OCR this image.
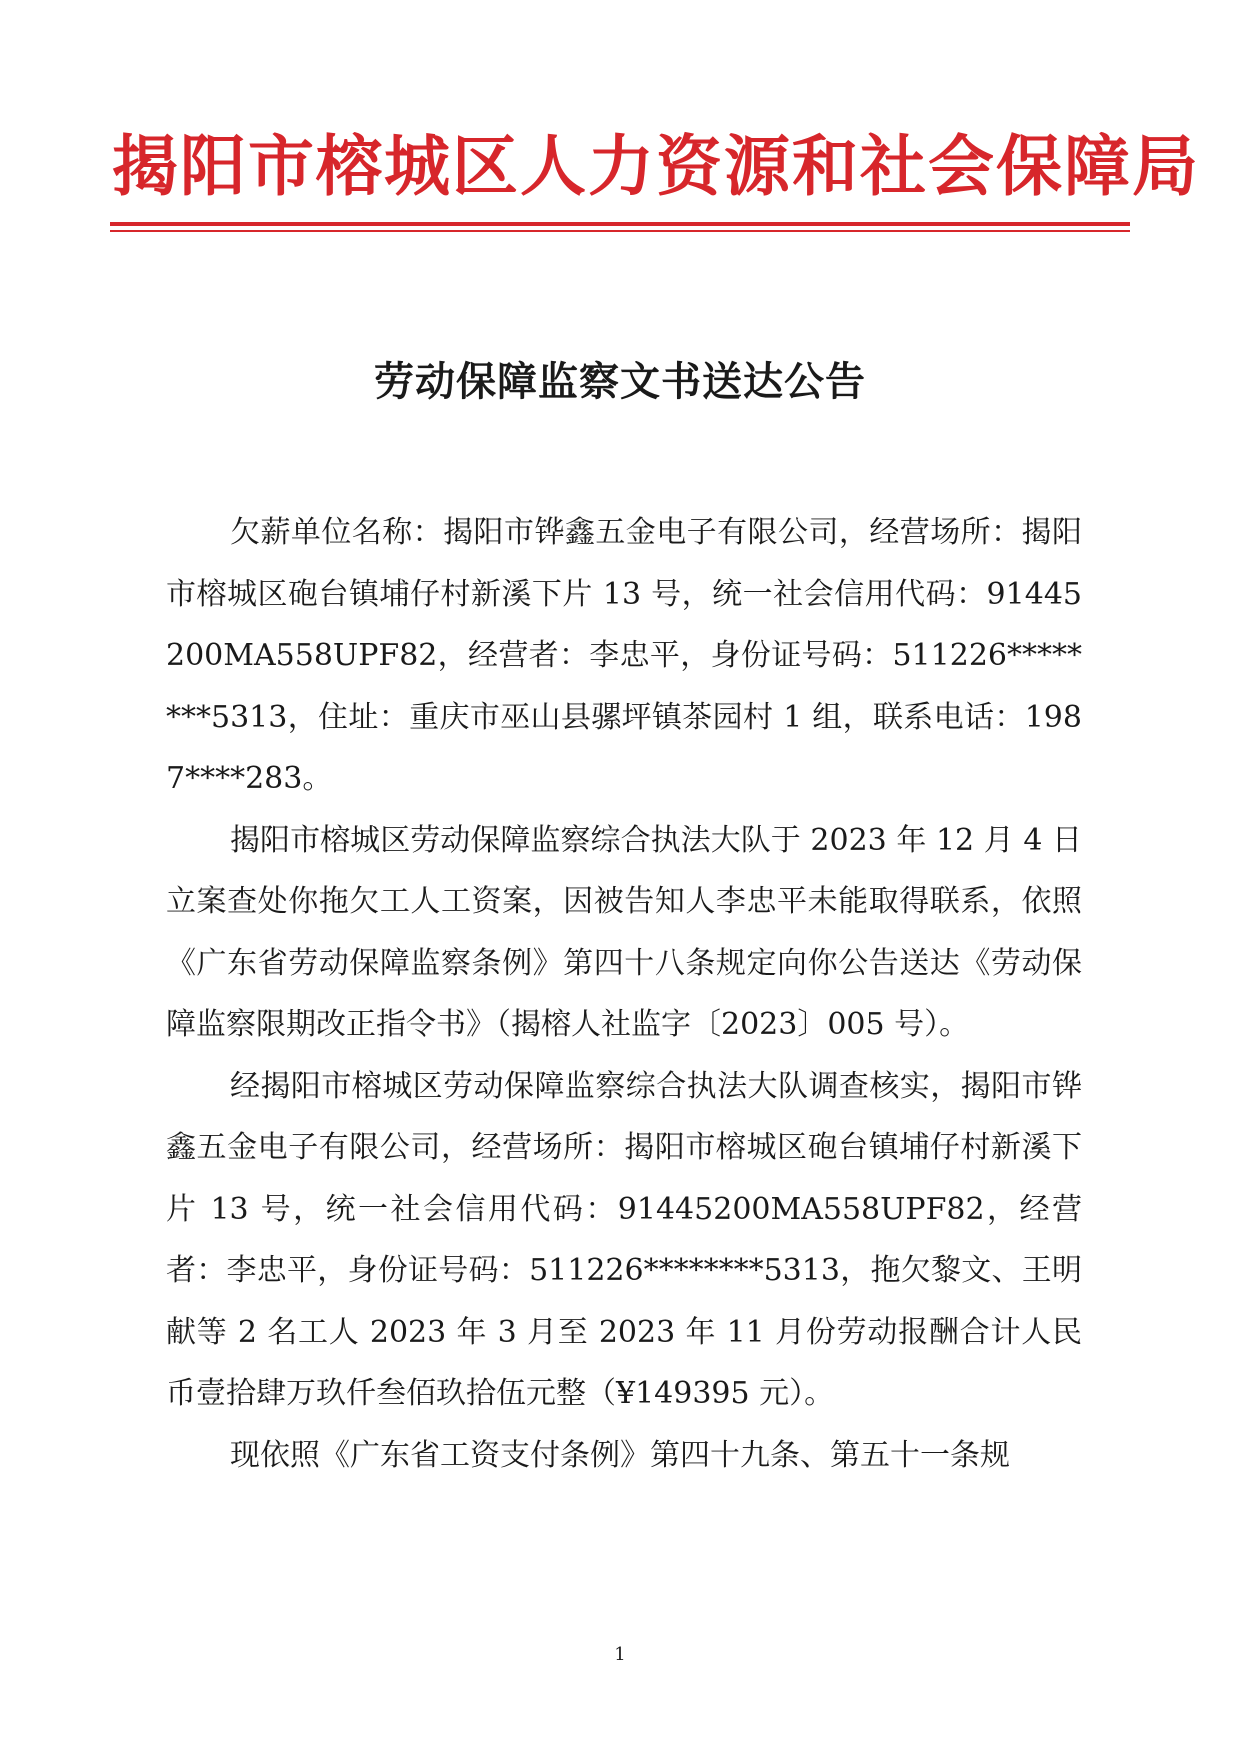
揭阳市榕城区人力资源和社会保障局
劳动保障监察文书送达公告

欠薪单位名称：揭阳市铧鑫五金电子有限公司，经营场所：揭阳市榕城区砲台镇埔仔村新溪下片 13 号，统一社会信用代码：91445200MA558UPF82，经营者：李忠平，身份证号码：511226********5313，住址：重庆市巫山县骡坪镇茶园村 1 组，联系电话：1987****283。

揭阳市榕城区劳动保障监察综合执法大队于 2023 年 12 月 4 日立案查处你拖欠工人工资案，因被告知人李忠平未能取得联系，依照《广东省劳动保障监察条例》第四十八条规定向你公告送达《劳动保障监察限期改正指令书》（揭榕人社监字〔2023〕005 号）。

经揭阳市榕城区劳动保障监察综合执法大队调查核实，揭阳市铧鑫五金电子有限公司，经营场所：揭阳市榕城区砲台镇埔仔村新溪下片 13 号，统一社会信用代码：91445200MA558UPF82，经营者：李忠平，身份证号码：511226********5313，拖欠黎文、王明献等 2 名工人 2023 年 3 月至 2023 年 11 月份劳动报酬合计人民币壹拾肆万玖仟叁佰玖拾伍元整（¥149395 元）。

现依照《广东省工资支付条例》第四十九条、第五十一条规

1
